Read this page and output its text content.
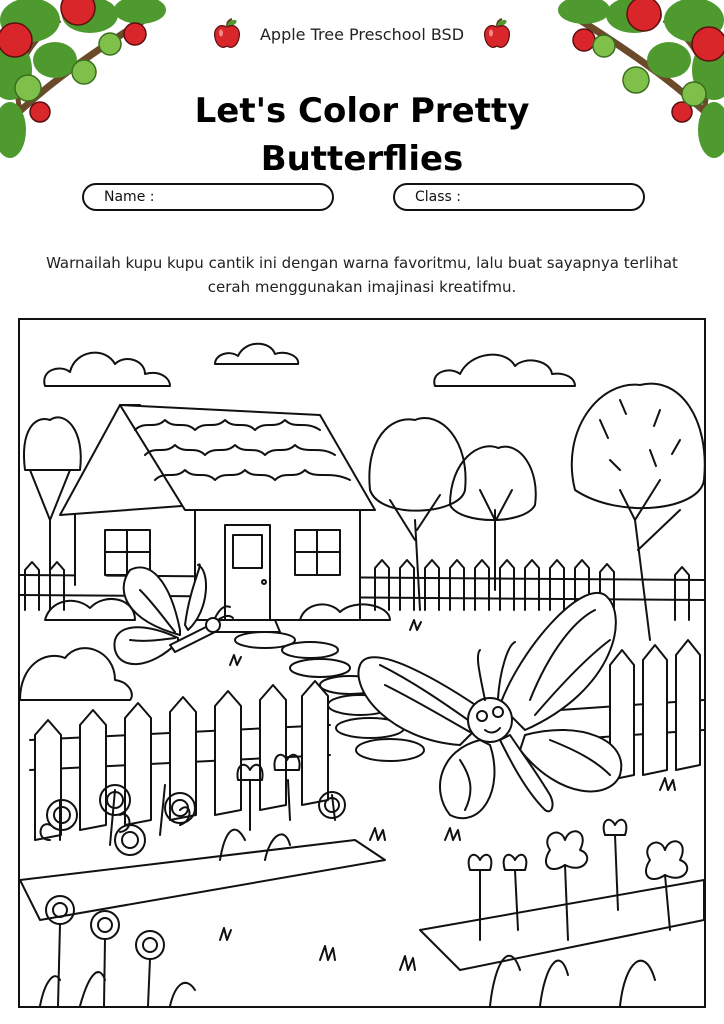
Apple Tree Preschool BSD
Let's Color Pretty Butterflies
Name :	Class :

Warnailah kupu kupu cantik ini dengan warna favoritmu, lalu buat sayapnya terlihat cerah menggunakan imajinasi kreatifmu.
